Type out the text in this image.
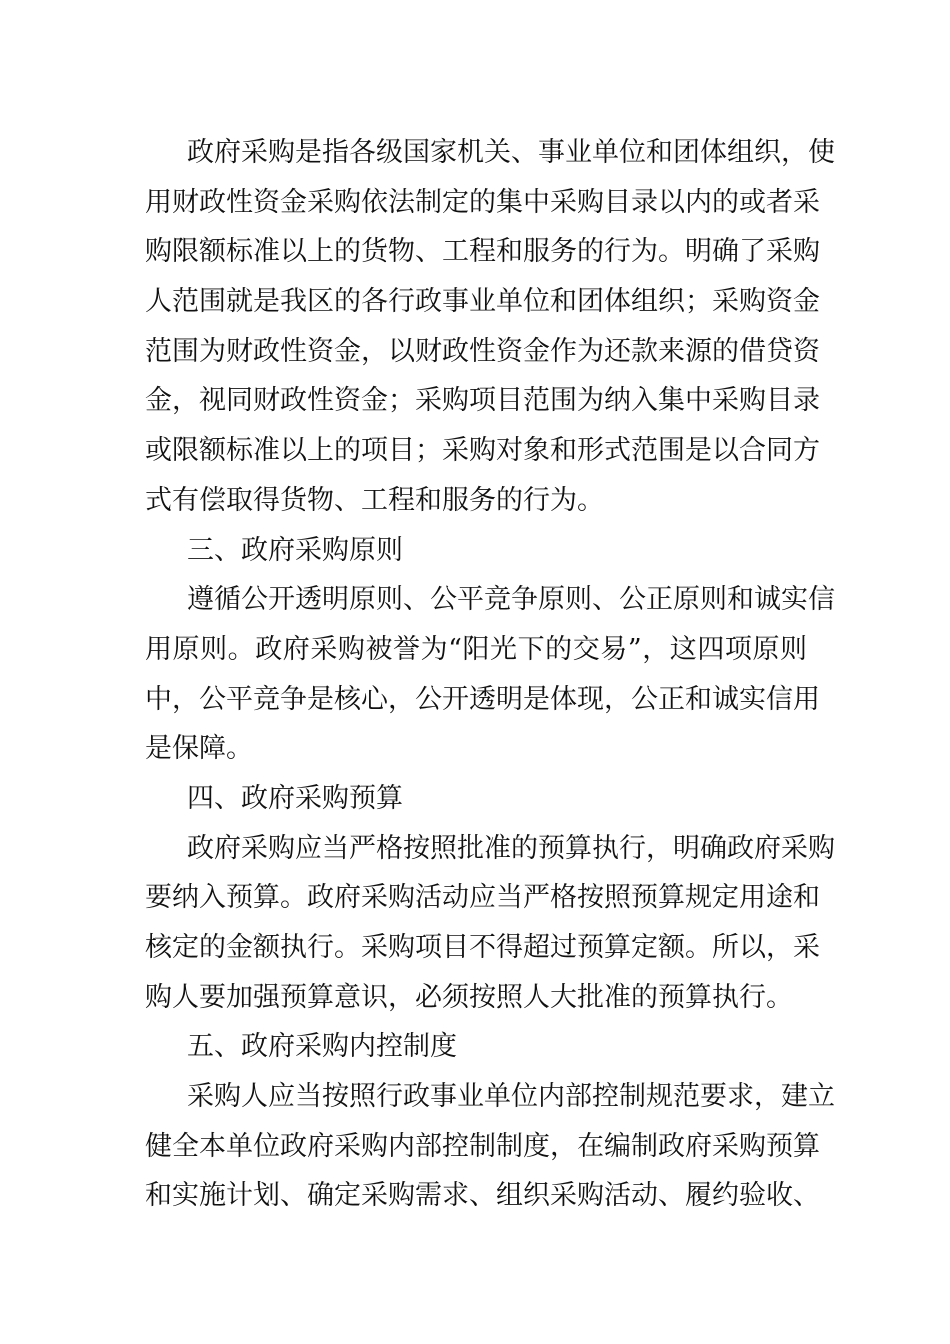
政府采购是指各级国家机关、事业单位和团体组织，使
用财政性资金采购依法制定的集中采购目录以内的或者采
购限额标准以上的货物、工程和服务的行为。明确了采购
人范围就是我区的各行政事业单位和团体组织；采购资金
范围为财政性资金，以财政性资金作为还款来源的借贷资
金，视同财政性资金；采购项目范围为纳入集中采购目录
或限额标准以上的项目；采购对象和形式范围是以合同方
式有偿取得货物、工程和服务的行为。
三、政府采购原则
遵循公开透明原则、公平竞争原则、公正原则和诚实信
用原则。政府采购被誉为“阳光下的交易”，这四项原则
中，公平竞争是核心，公开透明是体现，公正和诚实信用
是保障。
四、政府采购预算
政府采购应当严格按照批准的预算执行，明确政府采购
要纳入预算。政府采购活动应当严格按照预算规定用途和
核定的金额执行。采购项目不得超过预算定额。所以，采
购人要加强预算意识，必须按照人大批准的预算执行。
五、政府采购内控制度
采购人应当按照行政事业单位内部控制规范要求，建立
健全本单位政府采购内部控制制度，在编制政府采购预算
和实施计划、确定采购需求、组织采购活动、履约验收、
